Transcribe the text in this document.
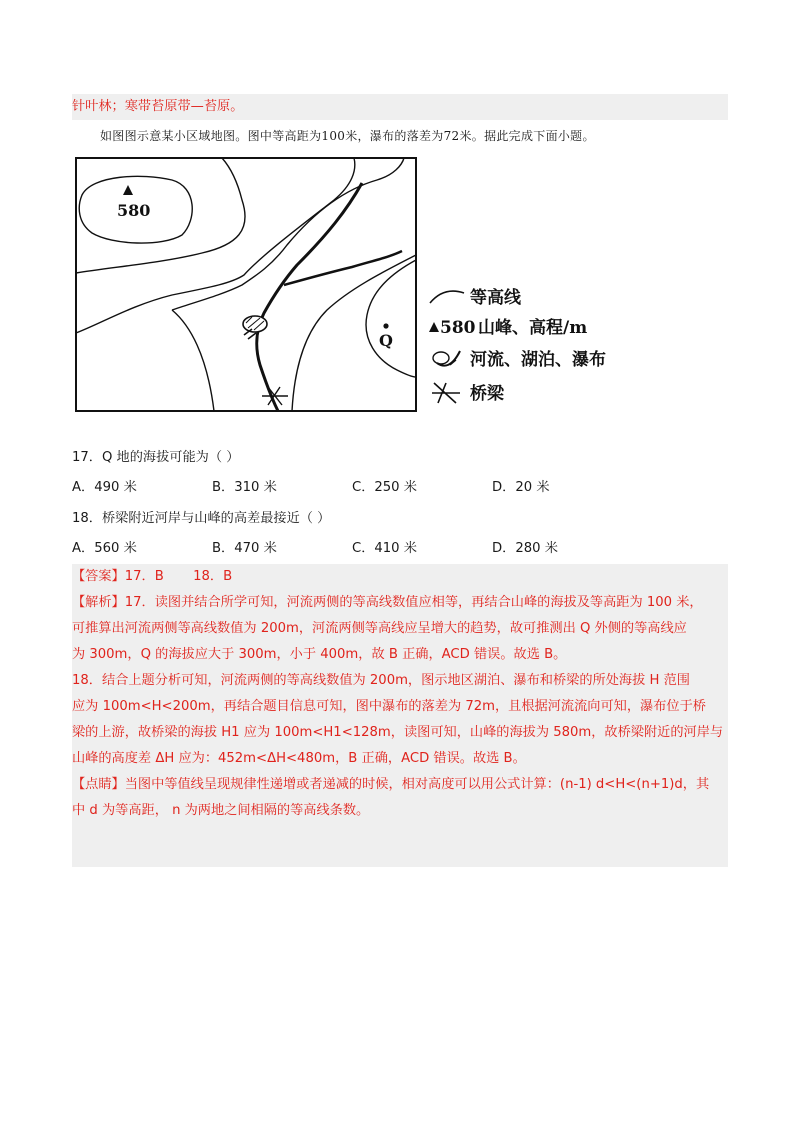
针叶林；寒带苔原带—苔原。
如图图示意某小区域地图。图中等高距为100米，瀑布的落差为72米。据此完成下面小题。
580
Q
等高线
580 山峰、高程/m
河流、湖泊、瀑布
桥梁
17．Q 地的海拔可能为（ ）
A．490 米	B．310 米	C．250 米	D．20 米
18．桥梁附近河岸与山峰的高差最接近（ ）
A．560 米	B．470 米	C．410 米	D．280 米
【答案】17．B       18．B
【解析】17．读图并结合所学可知，河流两侧的等高线数值应相等，再结合山峰的海拔及等高距为 100 米，
可推算出河流两侧等高线数值为 200m，河流两侧等高线应呈增大的趋势，故可推测出 Q 外侧的等高线应
为 300m，Q 的海拔应大于 300m，小于 400m，故 B 正确，ACD 错误。故选 B。
18．结合上题分析可知，河流两侧的等高线数值为 200m，图示地区湖泊、瀑布和桥梁的所处海拔 H 范围
应为 100m<H<200m，再结合题目信息可知，图中瀑布的落差为 72m，且根据河流流向可知，瀑布位于桥
梁的上游，故桥梁的海拔 H1 应为 100m<H1<128m，读图可知，山峰的海拔为 580m，故桥梁附近的河岸与
山峰的高度差 ΔH 应为：452m<ΔH<480m，B 正确，ACD 错误。故选 B。
【点睛】当图中等值线呈现规律性递增或者递减的时候，相对高度可以用公式计算：(n-1) d<H<(n+1)d，其
中 d 为等高距， n 为两地之间相隔的等高线条数。
